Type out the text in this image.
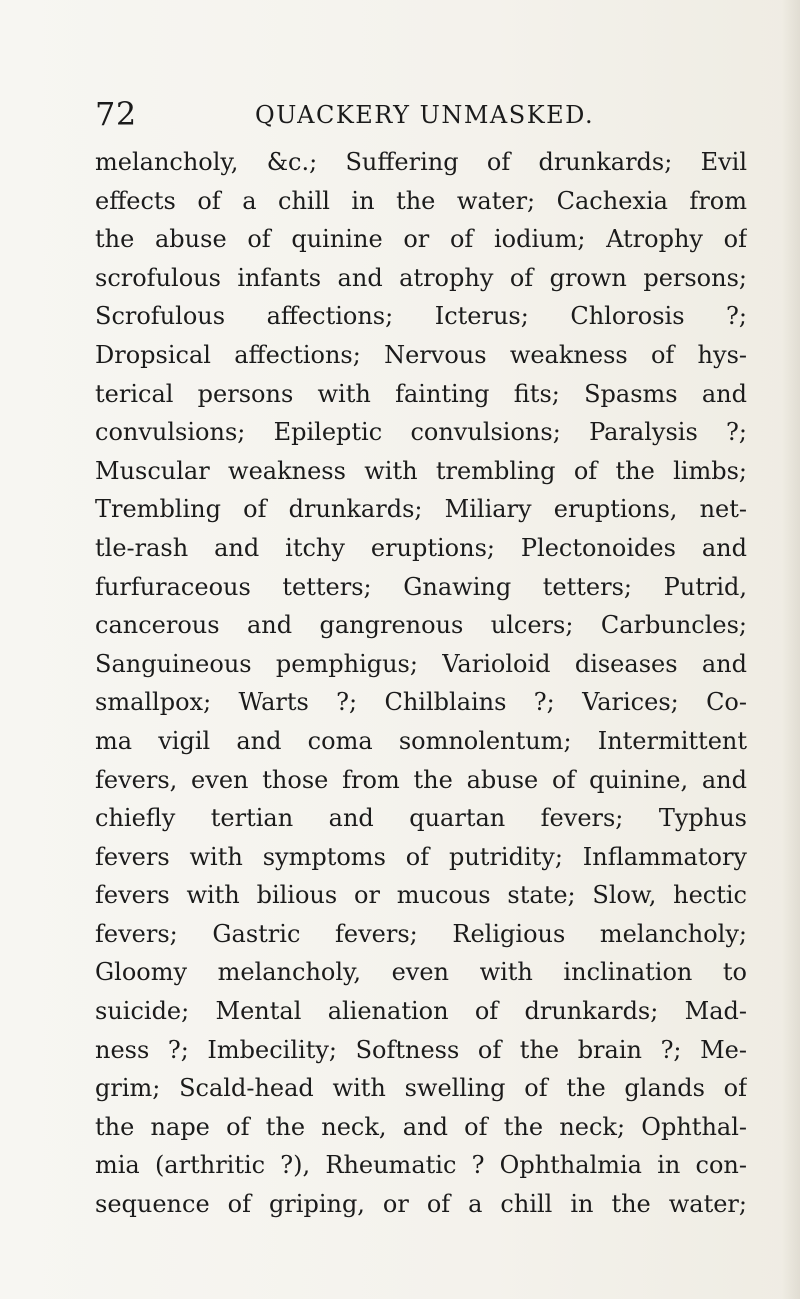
72	QUACKERY UNMASKED.
melancholy, &c.; Suffering of drunkards; Evil
effects of a chill in the water; Cachexia from
the abuse of quinine or of iodium; Atrophy of
scrofulous infants and atrophy of grown persons;
Scrofulous affections; Icterus; Chlorosis ?;
Dropsical affections; Nervous weakness of hys-
terical persons with fainting fits; Spasms and
convulsions; Epileptic convulsions; Paralysis ?;
Muscular weakness with trembling of the limbs;
Trembling of drunkards; Miliary eruptions, net-
tle-rash and itchy eruptions; Plectonoides and
furfuraceous tetters; Gnawing tetters; Putrid,
cancerous and gangrenous ulcers; Carbuncles;
Sanguineous pemphigus; Varioloid diseases and
smallpox; Warts ?; Chilblains ?; Varices; Co-
ma vigil and coma somnolentum; Intermittent
fevers, even those from the abuse of quinine, and
chiefly tertian and quartan fevers; Typhus
fevers with symptoms of putridity; Inflammatory
fevers with bilious or mucous state; Slow, hectic
fevers; Gastric fevers; Religious melancholy;
Gloomy melancholy, even with inclination to
suicide; Mental alienation of drunkards; Mad-
ness ?; Imbecility; Softness of the brain ?; Me-
grim; Scald-head with swelling of the glands of
the nape of the neck, and of the neck; Ophthal-
mia (arthritic ?), Rheumatic ? Ophthalmia in con-
sequence of griping, or of a chill in the water;
